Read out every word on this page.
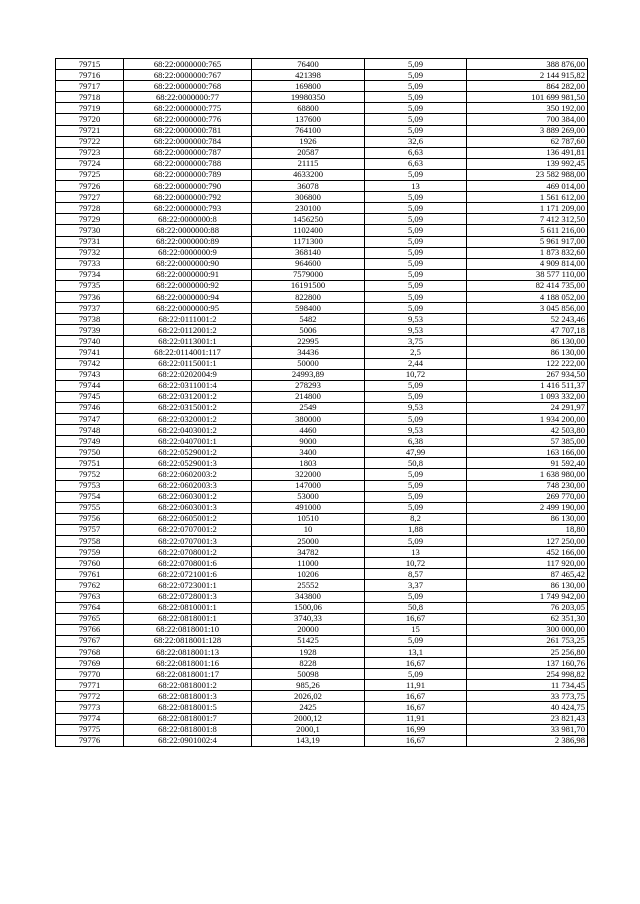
79715	68:22:0000000:765	76400	5,09	388 876,00
79716	68:22:0000000:767	421398	5,09	2 144 915,82
79717	68:22:0000000:768	169800	5,09	864 282,00
79718	68:22:0000000:77	19980350	5,09	101 699 981,50
79719	68:22:0000000:775	68800	5,09	350 192,00
79720	68:22:0000000:776	137600	5,09	700 384,00
79721	68:22:0000000:781	764100	5,09	3 889 269,00
79722	68:22:0000000:784	1926	32,6	62 787,60
79723	68:22:0000000:787	20587	6,63	136 491,81
79724	68:22:0000000:788	21115	6,63	139 992,45
79725	68:22:0000000:789	4633200	5,09	23 582 988,00
79726	68:22:0000000:790	36078	13	469 014,00
79727	68:22:0000000:792	306800	5,09	1 561 612,00
79728	68:22:0000000:793	230100	5,09	1 171 209,00
79729	68:22:0000000:8	1456250	5,09	7 412 312,50
79730	68:22:0000000:88	1102400	5,09	5 611 216,00
79731	68:22:0000000:89	1171300	5,09	5 961 917,00
79732	68:22:0000000:9	368140	5,09	1 873 832,60
79733	68:22:0000000:90	964600	5,09	4 909 814,00
79734	68:22:0000000:91	7579000	5,09	38 577 110,00
79735	68:22:0000000:92	16191500	5,09	82 414 735,00
79736	68:22:0000000:94	822800	5,09	4 188 052,00
79737	68:22:0000000:95	598400	5,09	3 045 856,00
79738	68:22:0111001:2	5482	9,53	52 243,46
79739	68:22:0112001:2	5006	9,53	47 707,18
79740	68:22:0113001:1	22995	3,75	86 130,00
79741	68:22:0114001:117	34436	2,5	86 130,00
79742	68:22:0115001:1	50000	2,44	122 222,00
79743	68:22:0202004:9	24993,89	10,72	267 934,50
79744	68:22:0311001:4	278293	5,09	1 416 511,37
79745	68:22:0312001:2	214800	5,09	1 093 332,00
79746	68:22:0315001:2	2549	9,53	24 291,97
79747	68:22:0320001:2	380000	5,09	1 934 200,00
79748	68:22:0403001:2	4460	9,53	42 503,80
79749	68:22:0407001:1	9000	6,38	57 385,00
79750	68:22:0529001:2	3400	47,99	163 166,00
79751	68:22:0529001:3	1803	50,8	91 592,40
79752	68:22:0602003:2	322000	5,09	1 638 980,00
79753	68:22:0602003:3	147000	5,09	748 230,00
79754	68:22:0603001:2	53000	5,09	269 770,00
79755	68:22:0603001:3	491000	5,09	2 499 190,00
79756	68:22:0605001:2	10510	8,2	86 130,00
79757	68:22:0707001:2	10	1,88	18,80
79758	68:22:0707001:3	25000	5,09	127 250,00
79759	68:22:0708001:2	34782	13	452 166,00
79760	68:22:0708001:6	11000	10,72	117 920,00
79761	68:22:0721001:6	10206	8,57	87 465,42
79762	68:22:0723001:1	25552	3,37	86 130,00
79763	68:22:0728001:3	343800	5,09	1 749 942,00
79764	68:22:0810001:1	1500,06	50,8	76 203,05
79765	68:22:0818001:1	3740,33	16,67	62 351,30
79766	68:22:0818001:10	20000	15	300 000,00
79767	68:22:0818001:128	51425	5,09	261 753,25
79768	68:22:0818001:13	1928	13,1	25 256,80
79769	68:22:0818001:16	8228	16,67	137 160,76
79770	68:22:0818001:17	50098	5,09	254 998,82
79771	68:22:0818001:2	985,26	11,91	11 734,45
79772	68:22:0818001:3	2026,02	16,67	33 773,75
79773	68:22:0818001:5	2425	16,67	40 424,75
79774	68:22:0818001:7	2000,12	11,91	23 821,43
79775	68:22:0818001:8	2000,1	16,99	33 981,70
79776	68:22:0901002:4	143,19	16,67	2 386,98
